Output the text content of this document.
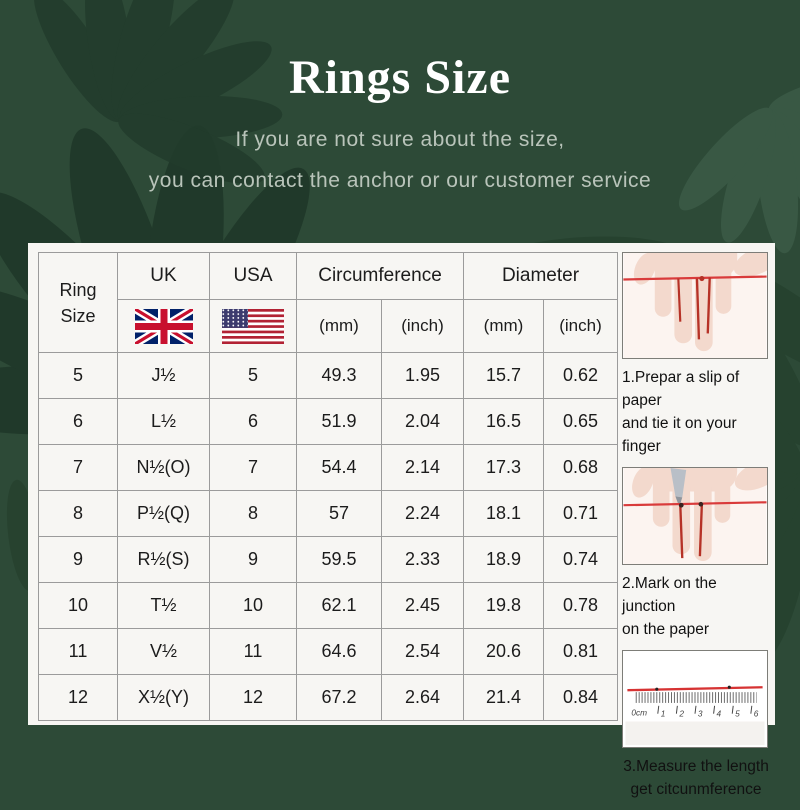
Rings Size
If you are not sure about the size,
you can contact the anchor or our customer service
Ring
Size	UK	USA	Circumference		Diameter	
		(mm)	(inch)	(mm)	(inch)
5	J½	5	49.3	1.95	15.7	0.62
6	L½	6	51.9	2.04	16.5	0.65
7	N½(O)	7	54.4	2.14	17.3	0.68
8	P½(Q)	8	57	2.24	18.1	0.71
9	R½(S)	9	59.5	2.33	18.9	0.74
10	T½	10	62.1	2.45	19.8	0.78
11	V½	11	64.6	2.54	20.6	0.81
12	X½(Y)	12	67.2	2.64	21.4	0.84
1.Prepar a slip of paper
and tie it on your finger
2.Mark on the junction
on the paper
0cm 1 2 3 4 5 6
3.Measure the length
get citcunmference
